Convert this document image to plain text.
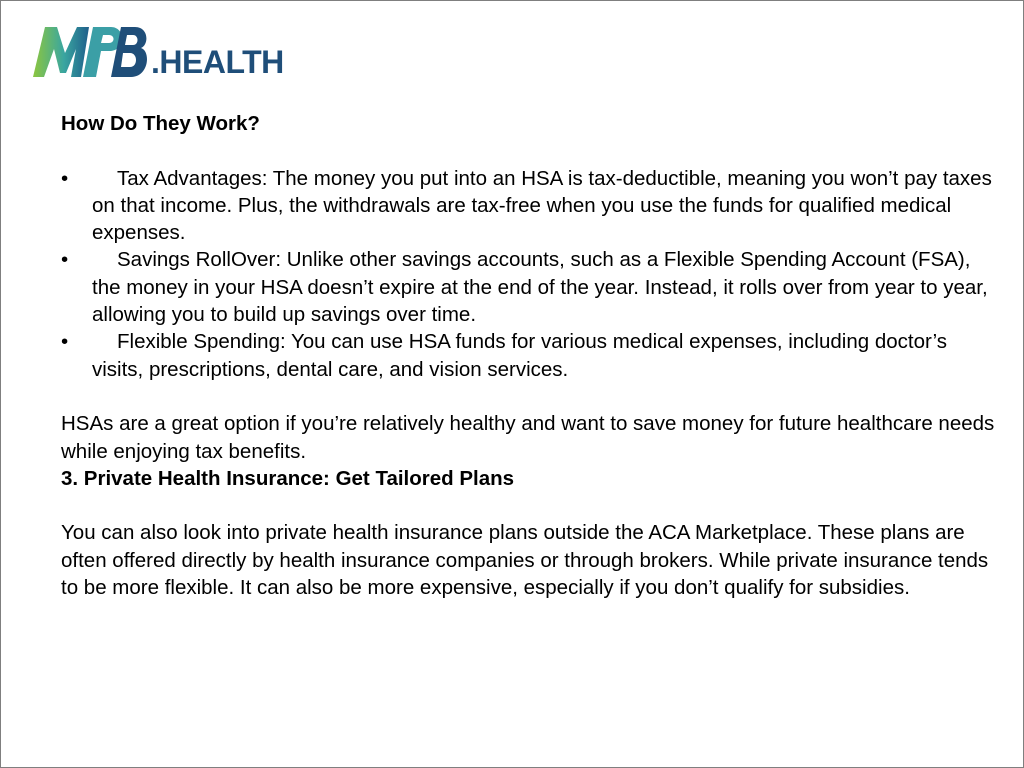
.HEALTH

How Do They Work?

• Tax Advantages: The money you put into an HSA is tax-deductible, meaning you won’t pay taxes on that income. Plus, the withdrawals are tax-free when you use the funds for qualified medical expenses.
• Savings RollOver: Unlike other savings accounts, such as a Flexible Spending Account (FSA), the money in your HSA doesn’t expire at the end of the year. Instead, it rolls over from year to year, allowing you to build up savings over time.
• Flexible Spending: You can use HSA funds for various medical expenses, including doctor’s visits, prescriptions, dental care, and vision services.

HSAs are a great option if you’re relatively healthy and want to save money for future healthcare needs while enjoying tax benefits.

3. Private Health Insurance: Get Tailored Plans

You can also look into private health insurance plans outside the ACA Marketplace. These plans are often offered directly by health insurance companies or through brokers. While private insurance tends to be more flexible. It can also be more expensive, especially if you don’t qualify for subsidies.
